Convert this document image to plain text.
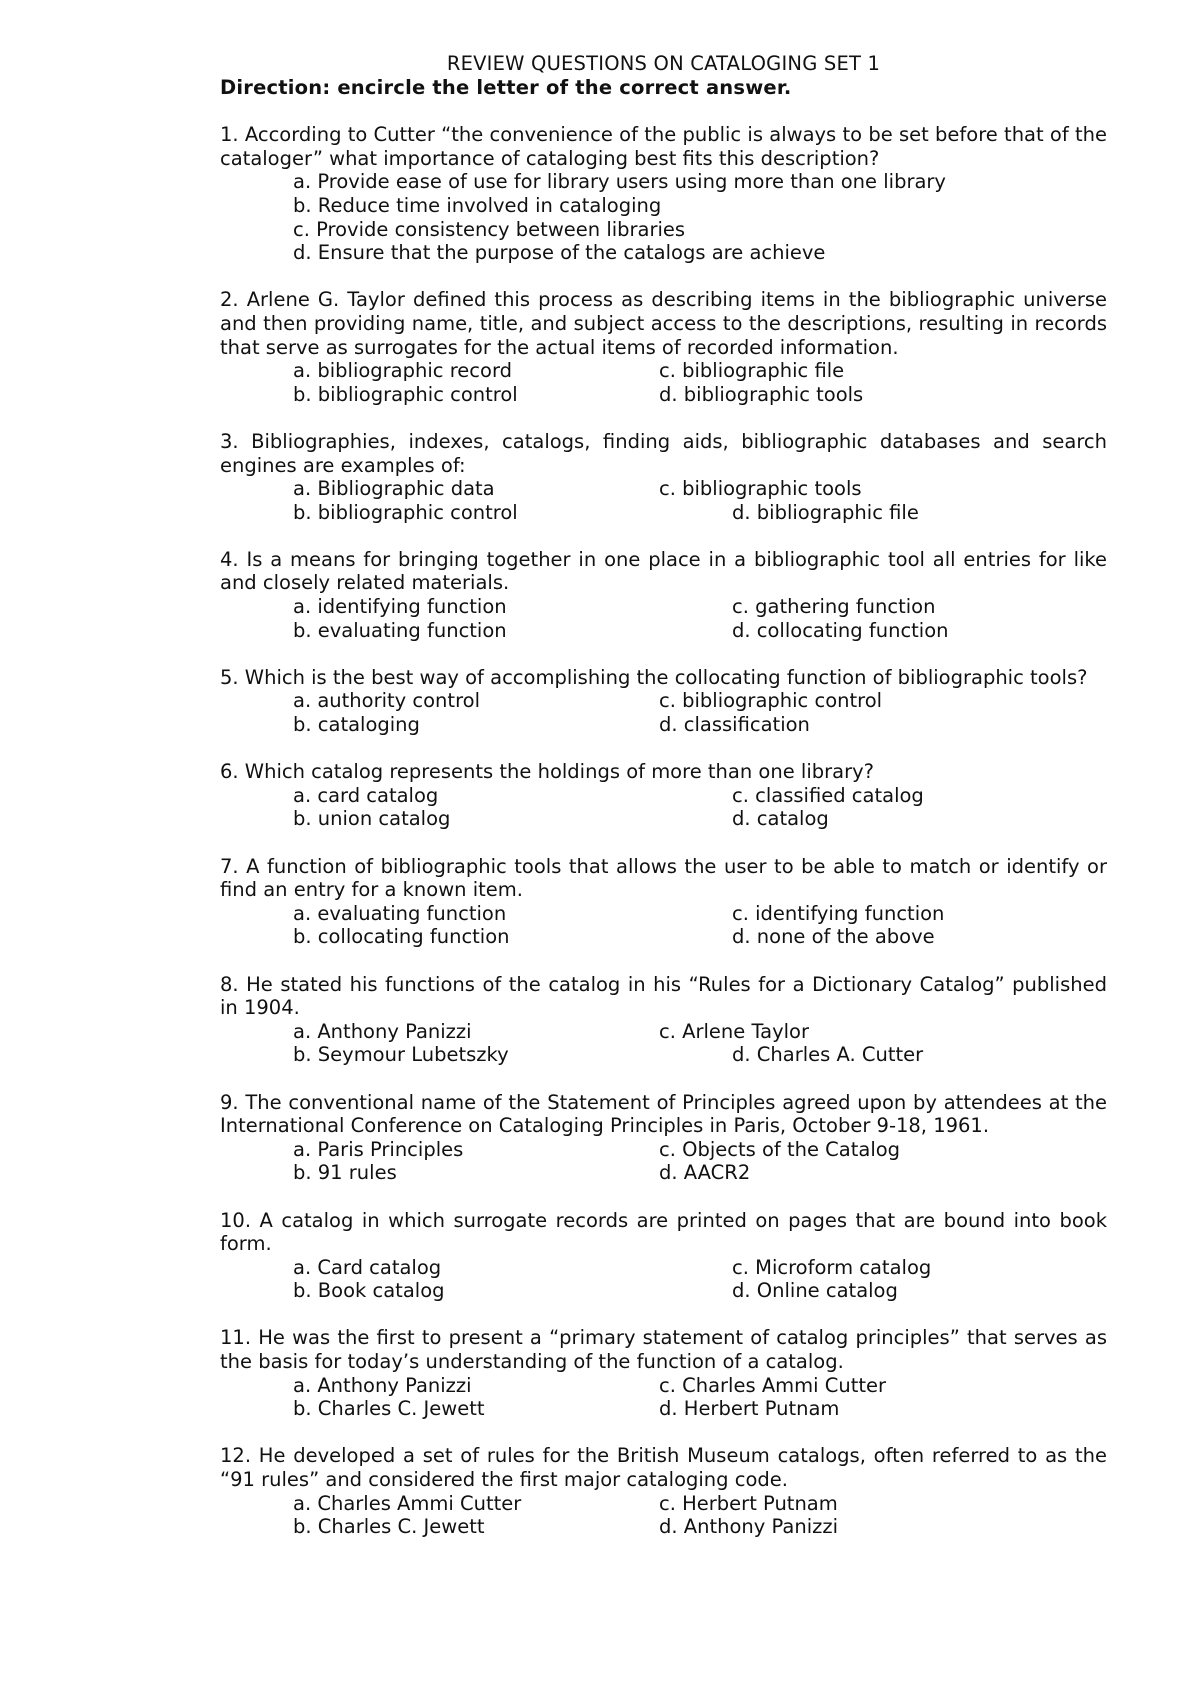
REVIEW QUESTIONS ON CATALOGING SET 1
Direction: encircle the letter of the correct answer.
1. According to Cutter “the convenience of the public is always to be set before that of the cataloger” what importance of cataloging best fits this description?
a. Provide ease of use for library users using more than one library
b. Reduce time involved in cataloging
c. Provide consistency between libraries
d. Ensure that the purpose of the catalogs are achieve
2. Arlene G. Taylor defined this process as describing items in the bibliographic universe and then providing name, title, and subject access to the descriptions, resulting in records that serve as surrogates for the actual items of recorded information.
a. bibliographic record	c. bibliographic file
b. bibliographic control	d. bibliographic tools
3. Bibliographies, indexes, catalogs, finding aids, bibliographic databases and search engines are examples of:
a. Bibliographic data	c. bibliographic tools
b. bibliographic control	d. bibliographic file
4. Is a means for bringing together in one place in a bibliographic tool all entries for like and closely related materials.
a. identifying function	c. gathering function
b. evaluating function	d. collocating function
5. Which is the best way of accomplishing the collocating function of bibliographic tools?
a. authority control	c. bibliographic control
b. cataloging	d. classification
6. Which catalog represents the holdings of more than one library?
a. card catalog	c. classified catalog
b. union catalog	d. catalog
7. A function of bibliographic tools that allows the user to be able to match or identify or find an entry for a known item.
a. evaluating function	c. identifying function
b. collocating function	d. none of the above
8. He stated his functions of the catalog in his “Rules for a Dictionary Catalog” published in 1904.
a. Anthony Panizzi	c. Arlene Taylor
b. Seymour Lubetszky	d. Charles A. Cutter
9. The conventional name of the Statement of Principles agreed upon by attendees at the International Conference on Cataloging Principles in Paris, October 9-18, 1961.
a. Paris Principles	c. Objects of the Catalog
b. 91 rules	d. AACR2
10. A catalog in which surrogate records are printed on pages that are bound into book form.
a. Card catalog	c. Microform catalog
b. Book catalog	d. Online catalog
11. He was the first to present a “primary statement of catalog principles” that serves as the basis for today’s understanding of the function of a catalog.
a. Anthony Panizzi	c. Charles Ammi Cutter
b. Charles C. Jewett	d. Herbert Putnam
12. He developed a set of rules for the British Museum catalogs, often referred to as the “91 rules” and considered the first major cataloging code.
a. Charles Ammi Cutter	c. Herbert Putnam
b. Charles C. Jewett	d. Anthony Panizzi
